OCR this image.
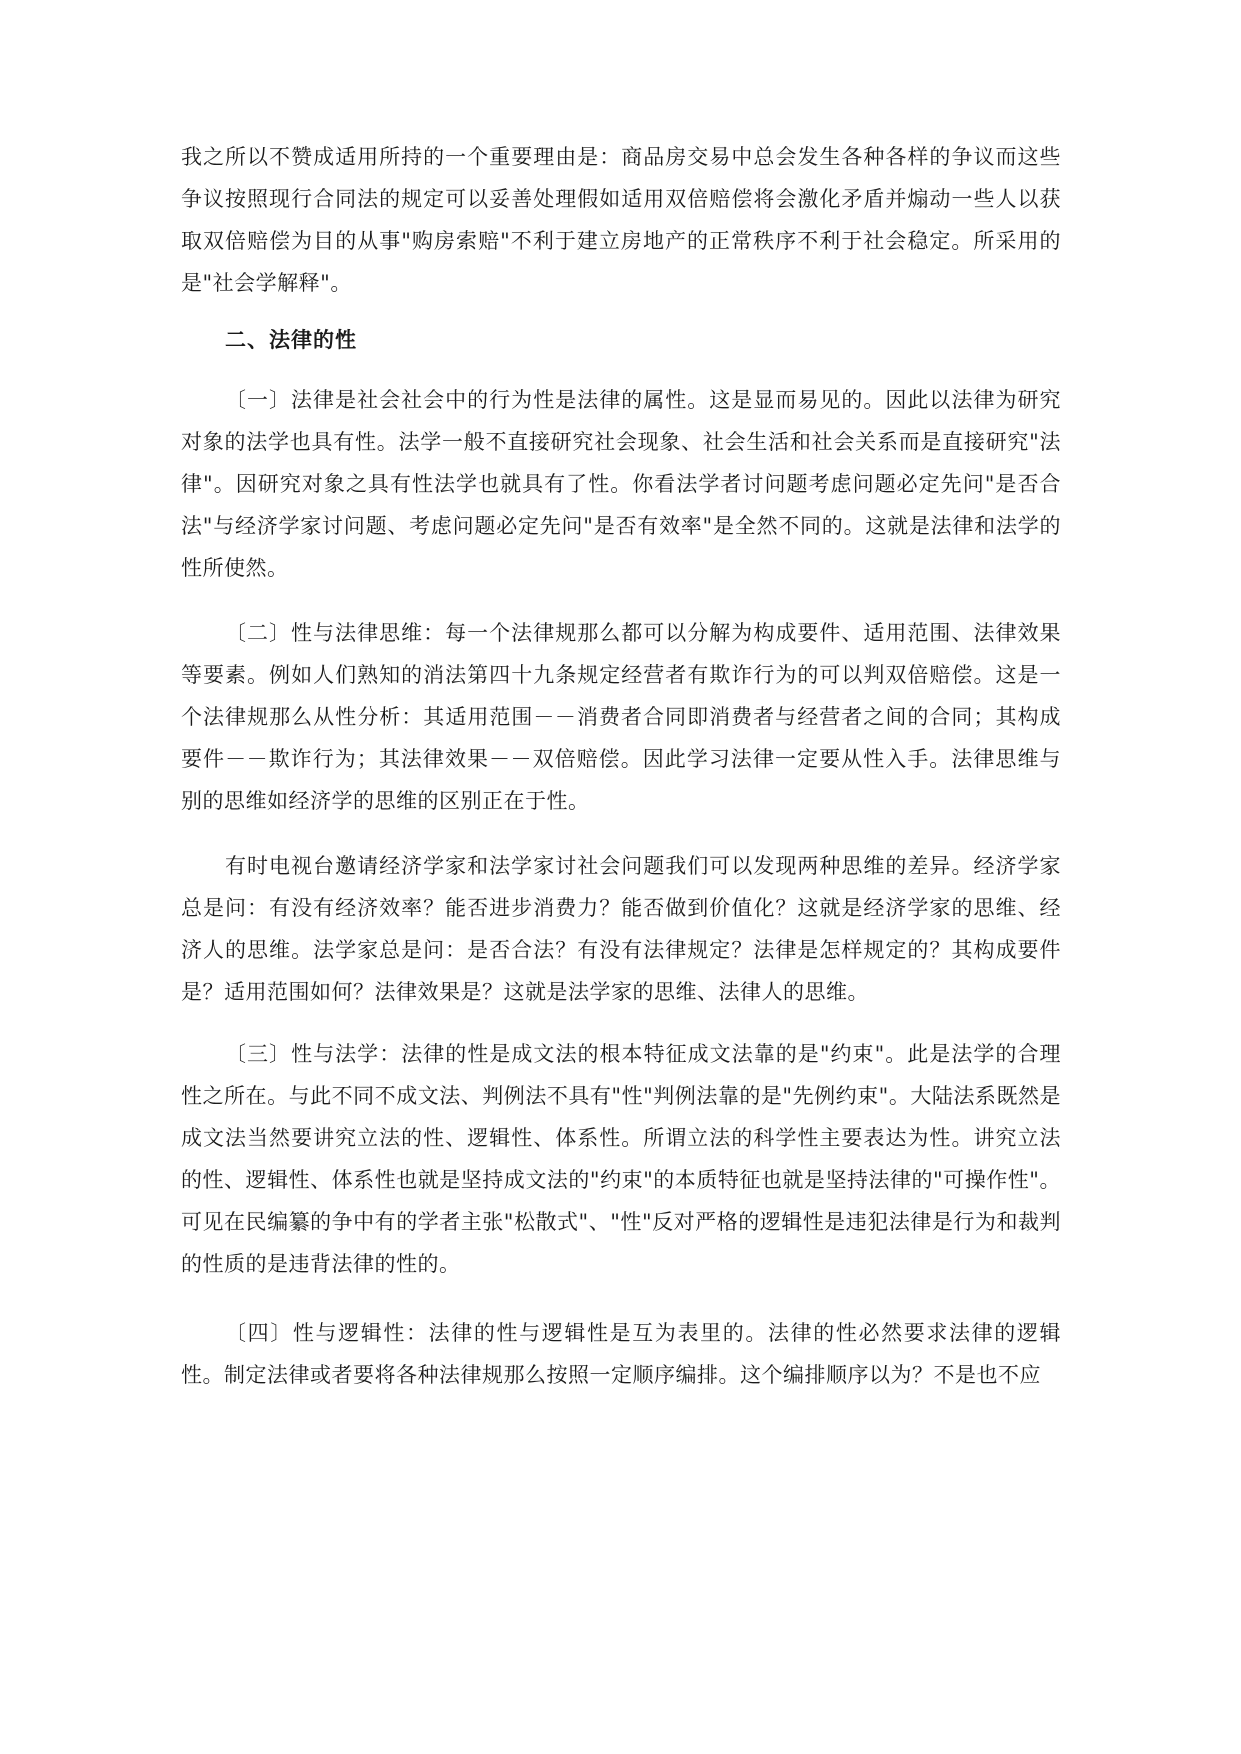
我之所以不赞成适用所持的一个重要理由是：商品房交易中总会发生各种各样的争议而这些争议按照现行合同法的规定可以妥善处理假如适用双倍赔偿将会激化矛盾并煽动一些人以获取双倍赔偿为目的从事"购房索赔"不利于建立房地产的正常秩序不利于社会稳定。所采用的是"社会学解释"。

二、法律的性

〔一〕法律是社会社会中的行为性是法律的属性。这是显而易见的。因此以法律为研究对象的法学也具有性。法学一般不直接研究社会现象、社会生活和社会关系而是直接研究"法律"。因研究对象之具有性法学也就具有了性。你看法学者讨问题考虑问题必定先问"是否合法"与经济学家讨问题、考虑问题必定先问"是否有效率"是全然不同的。这就是法律和法学的性所使然。

〔二〕性与法律思维：每一个法律规那么都可以分解为构成要件、适用范围、法律效果等要素。例如人们熟知的消法第四十九条规定经营者有欺诈行为的可以判双倍赔偿。这是一个法律规那么从性分析：其适用范围－－消费者合同即消费者与经营者之间的合同；其构成要件－－欺诈行为；其法律效果－－双倍赔偿。因此学习法律一定要从性入手。法律思维与别的思维如经济学的思维的区别正在于性。

有时电视台邀请经济学家和法学家讨社会问题我们可以发现两种思维的差异。经济学家总是问：有没有经济效率？能否进步消费力？能否做到价值化？这就是经济学家的思维、经济人的思维。法学家总是问：是否合法？有没有法律规定？法律是怎样规定的？其构成要件是？适用范围如何？法律效果是？这就是法学家的思维、法律人的思维。

〔三〕性与法学：法律的性是成文法的根本特征成文法靠的是"约束"。此是法学的合理性之所在。与此不同不成文法、判例法不具有"性"判例法靠的是"先例约束"。大陆法系既然是成文法当然要讲究立法的性、逻辑性、体系性。所谓立法的科学性主要表达为性。讲究立法的性、逻辑性、体系性也就是坚持成文法的"约束"的本质特征也就是坚持法律的"可操作性"。可见在民编纂的争中有的学者主张"松散式"、"性"反对严格的逻辑性是违犯法律是行为和裁判的性质的是违背法律的性的。

〔四〕性与逻辑性：法律的性与逻辑性是互为表里的。法律的性必然要求法律的逻辑性。制定法律或者要将各种法律规那么按照一定顺序编排。这个编排顺序以为？不是也不应
